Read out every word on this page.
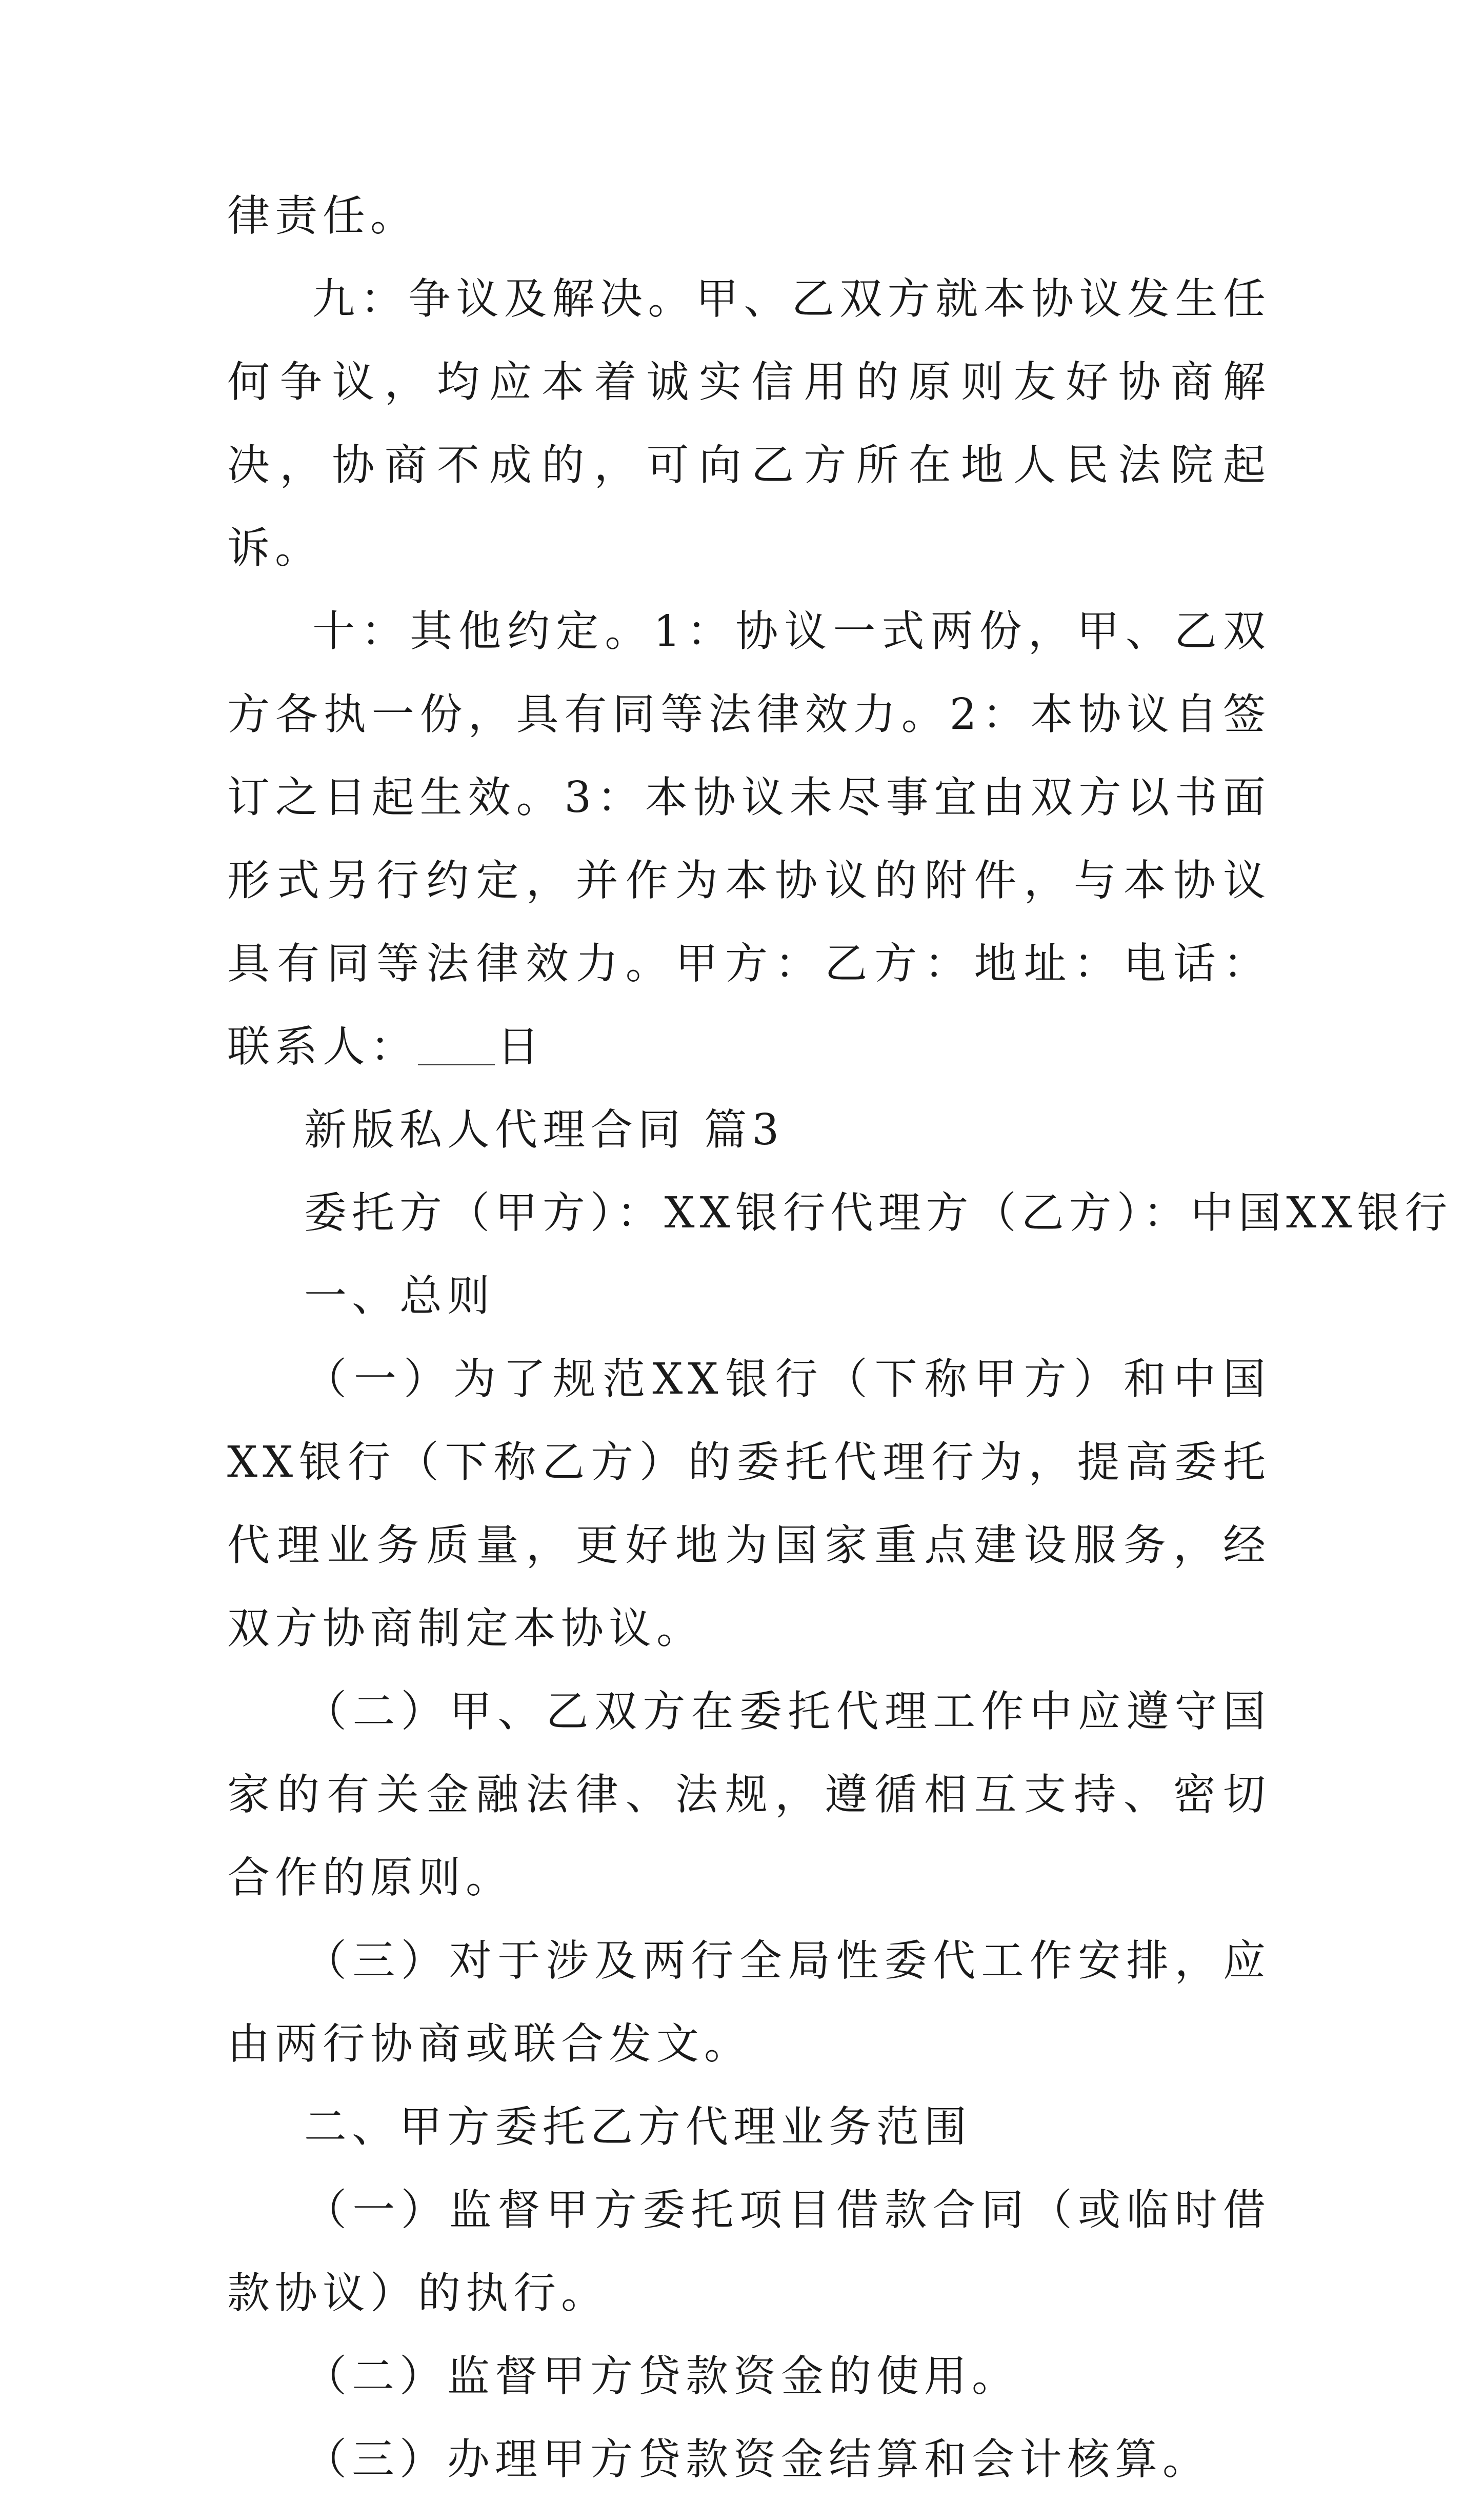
律责任。
九：争议及解决。甲、乙双方就本协议发生任何争议，均应本着诚实信用的原则友好协商解决，协商不成的，可向乙方所在地人民法院起诉。
十：其他约定。1：协议一式两份，甲、乙双方各执一份，具有同等法律效力。2：本协议自签订之日起生效。3：本协议未尽事宜由双方以书面形式另行约定，并作为本协议的附件，与本协议具有同等法律效力。甲方：乙方：地址：电话：联系人： 日
新版私人代理合同 篇3
委托方（甲方）：XX银行代理方（乙方）：中国XX银行
一、总则
（一）为了规范XX银行（下称甲方）和中国XX银行（下称乙方）的委托代理行为，提高委托代理业务质量，更好地为国家重点建设服务，经双方协商制定本协议。
（二）甲、乙双方在委托代理工作中应遵守国家的有关金融法律、法规，遵循相互支持、密切合作的原则。
（三）对于涉及两行全局性委代工作安排，应由两行协商或联合发文。
二、甲方委托乙方代理业务范围
（一）监督甲方委托项目借款合同（或临时借款协议）的执行。
（二）监督甲方贷款资金的使用。
（三）办理甲方贷款资金结算和会计核算。
